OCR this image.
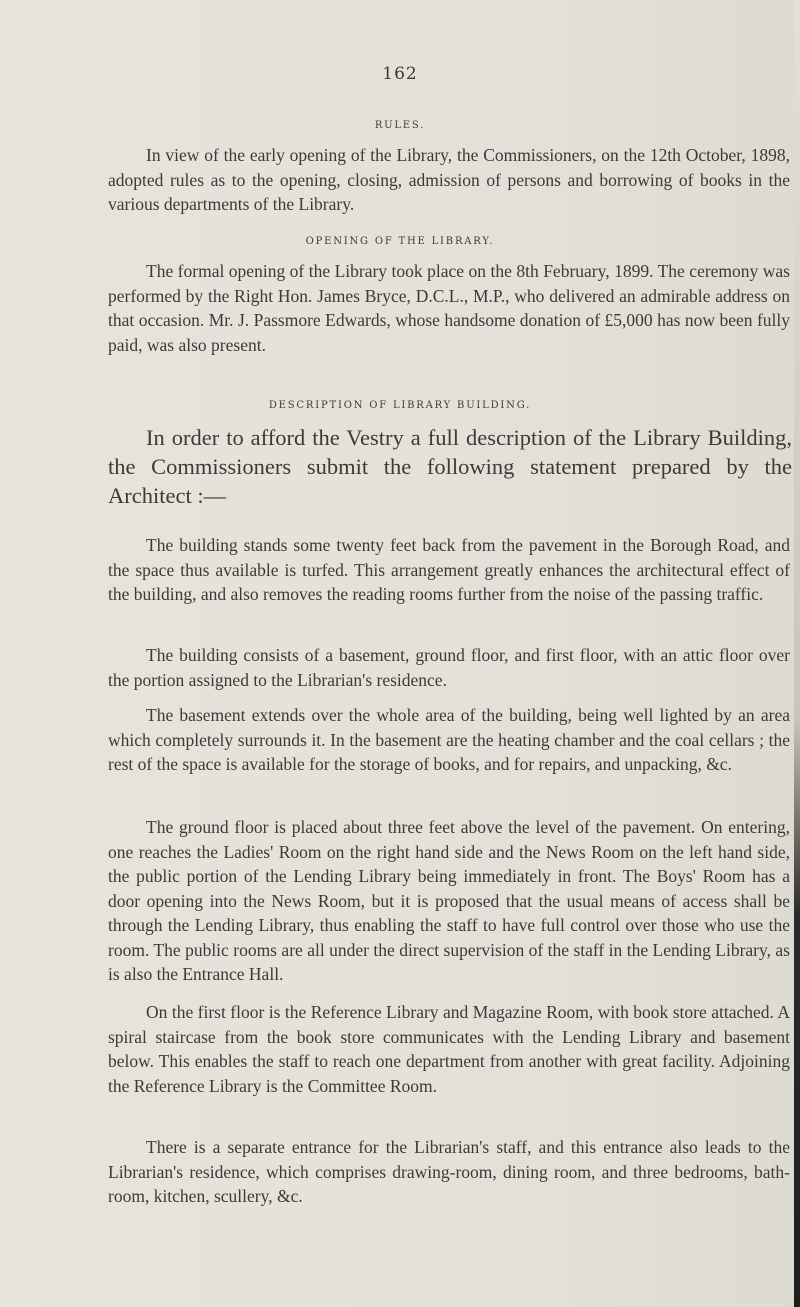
162
RULES.

In view of the early opening of the Library, the Commissioners, on the 12th October, 1898, adopted rules as to the opening, closing, admission of persons and borrowing of books in the various departments of the Library.

OPENING OF THE LIBRARY.

The formal opening of the Library took place on the 8th February, 1899. The ceremony was performed by the Right Hon. James Bryce, D.C.L., M.P., who delivered an admirable address on that occasion. Mr. J. Passmore Edwards, whose handsome donation of £5,000 has now been fully paid, was also present.

DESCRIPTION OF LIBRARY BUILDING.

In order to afford the Vestry a full description of the Library Building, the Commissioners submit the following statement prepared by the Architect :—

The building stands some twenty feet back from the pavement in the Borough Road, and the space thus available is turfed. This arrangement greatly enhances the architectural effect of the building, and also removes the reading rooms further from the noise of the passing traffic.

The building consists of a basement, ground floor, and first floor, with an attic floor over the portion assigned to the Librarian's residence.

The basement extends over the whole area of the building, being well lighted by an area which completely surrounds it. In the basement are the heating chamber and the coal cellars ; the rest of the space is available for the storage of books, and for repairs, and unpacking, &c.

The ground floor is placed about three feet above the level of the pavement. On entering, one reaches the Ladies' Room on the right hand side and the News Room on the left hand side, the public portion of the Lending Library being immediately in front. The Boys' Room has a door opening into the News Room, but it is proposed that the usual means of access shall be through the Lending Library, thus enabling the staff to have full control over those who use the room. The public rooms are all under the direct supervision of the staff in the Lending Library, as is also the Entrance Hall.

On the first floor is the Reference Library and Magazine Room, with book store attached. A spiral staircase from the book store communicates with the Lending Library and basement below. This enables the staff to reach one department from another with great facility. Adjoining the Reference Library is the Committee Room.

There is a separate entrance for the Librarian's staff, and this entrance also leads to the Librarian's residence, which comprises drawing-room, dining room, and three bedrooms, bath-room, kitchen, scullery, &c.
